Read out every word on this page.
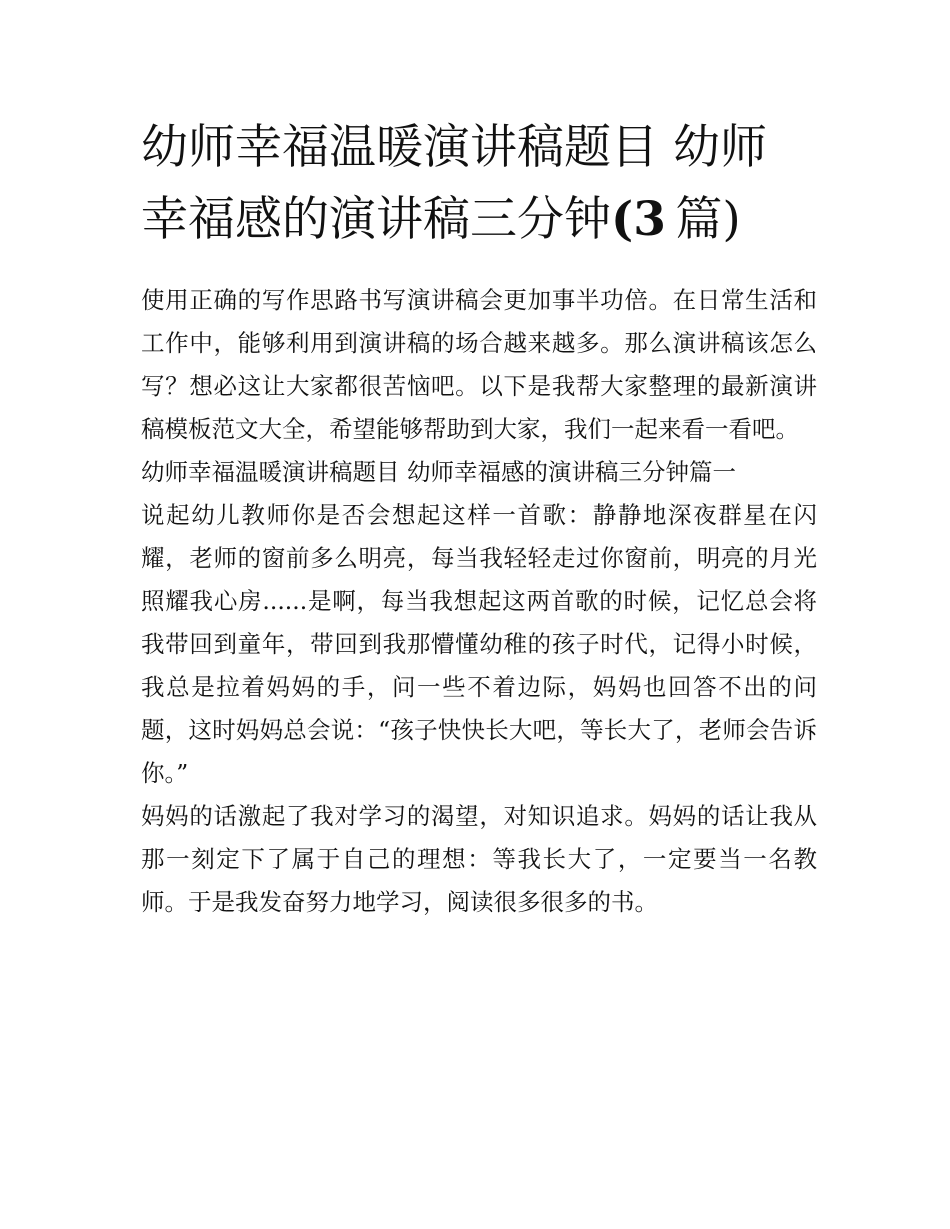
幼师幸福温暖演讲稿题目 幼师
幸福感的演讲稿三分钟(3  篇)

使用正确的写作思路书写演讲稿会更加事半功倍。在日常生活和工作中，能够利用到演讲稿的场合越来越多。那么演讲稿该怎么写？想必这让大家都很苦恼吧。以下是我帮大家整理的最新演讲稿模板范文大全，希望能够帮助到大家，我们一起来看一看吧。

幼师幸福温暖演讲稿题目 幼师幸福感的演讲稿三分钟篇一

说起幼儿教师你是否会想起这样一首歌：静静地深夜群星在闪耀，老师的窗前多么明亮，每当我轻轻走过你窗前，明亮的月光照耀我心房......是啊，每当我想起这两首歌的时候，记忆总会将我带回到童年，带回到我那懵懂幼稚的孩子时代，记得小时候，我总是拉着妈妈的手，问一些不着边际，妈妈也回答不出的问题，这时妈妈总会说：“孩子快快长大吧，等长大了，老师会告诉你。”

妈妈的话激起了我对学习的渴望，对知识追求。妈妈的话让我从那一刻定下了属于自己的理想：等我长大了，一定要当一名教师。于是我发奋努力地学习，阅读很多很多的书。
